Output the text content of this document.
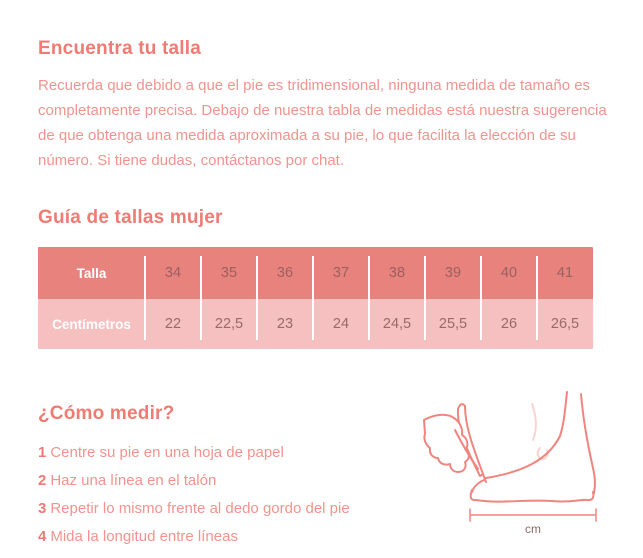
Encuentra tu talla

Recuerda que debido a que el pie es tridimensional, ninguna medida de tamaño es completamente precisa. Debajo de nuestra tabla de medidas está nuestra sugerencia de que obtenga una medida aproximada a su pie, lo que facilita la elección de su número. Si tiene dudas, contáctanos por chat.

Guía de tallas mujer
Talla	34	35	36	37	38	39	40	41
Centímetros	22	22,5	23	24	24,5	25,5	26	26,5
¿Cómo medir?
1 Centre su pie en una hoja de papel
2 Haz una línea en el talón
3 Repetir lo mismo frente al dedo gordo del pie
4 Mida la longitud entre líneas	cm
